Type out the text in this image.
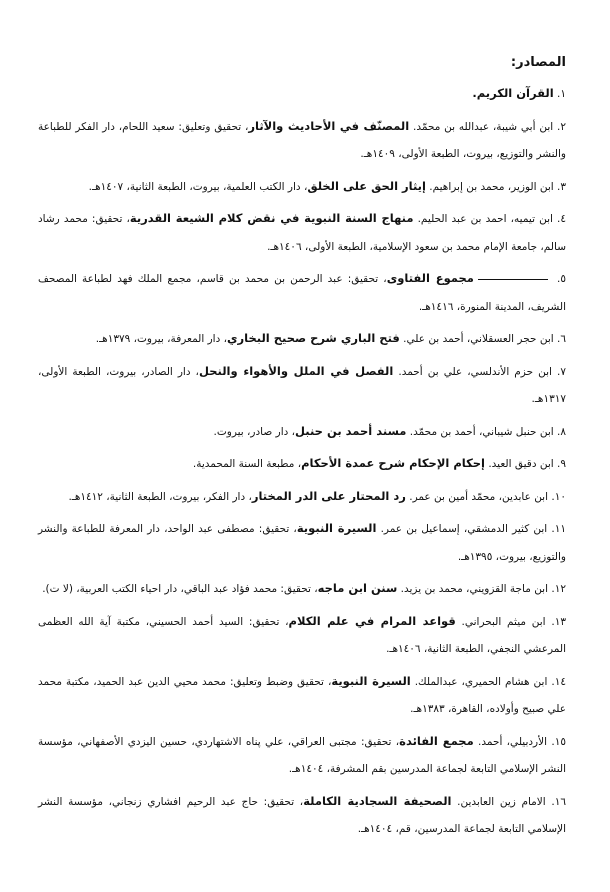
المصادر:
١. القرآن الكريم.
٢. ابن أبي شيبة، عبدالله بن محمّد. المصنّف في الأحاديث والآثار، تحقيق وتعليق: سعيد اللحام، دار الفكر للطباعة والنشر والتوزيع، بيروت، الطبعة الأولى، ١٤٠٩هـ.
٣. ابن الوزير، محمد بن إبراهيم. إيثار الحق على الخلق، دار الكتب العلمية، بيروت، الطبعة الثانية، ١٤٠٧هـ.
٤. ابن تيميه، احمد بن عبد الحليم. منهاج السنة النبوية في نقض كلام الشيعة القدرية، تحقيق: محمد رشاد سالم، جامعة الإمام محمد بن سعود الإسلامية، الطبعة الأولى، ١٤٠٦هـ.
٥. مجموع الفتاوى، تحقيق: عبد الرحمن بن محمد بن قاسم، مجمع الملك فهد لطباعة المصحف الشريف، المدينة المنورة، ١٤١٦هـ.
٦. ابن حجر العسقلاني، أحمد بن علي. فتح الباري شرح صحيح البخاري، دار المعرفة، بيروت، ١٣٧٩هـ.
٧. ابن حزم الأندلسي، علي بن أحمد. الفصل في الملل والأهواء والنحل، دار الصادر، بيروت، الطبعة الأولى، ١٣١٧هـ.
٨. ابن حنبل شيباني، أحمد بن محمّد. مسند أحمد بن حنبل، دار صادر، بيروت.
٩. ابن دقيق العيد. إحكام الإحكام شرح عمدة الأحكام، مطبعة السنة المحمدية.
١٠. ابن عابدين، محمّد أمين بن عمر. رد المحتار على الدر المختار، دار الفكر، بيروت، الطبعة الثانية، ١٤١٢هـ.
١١. ابن كثير الدمشقي، إسماعيل بن عمر. السيرة النبوية، تحقيق: مصطفى عبد الواحد، دار المعرفة للطباعة والنشر والتوزيع، بيروت، ١٣٩٥هـ.
١٢. ابن ماجة القزويني، محمد بن يزيد. سنن ابن ماجه، تحقيق: محمد فؤاد عبد الباقي، دار احياء الكتب العربية، (لا ت).
١٣. ابن ميثم البحراني. قواعد المرام في علم الكلام، تحقيق: السيد أحمد الحسيني، مكتبة آية الله العظمى المرعشي النجفي، الطبعة الثانية، ١٤٠٦هـ.
١٤. ابن هشام الحميري، عبدالملك. السيرة النبوية، تحقيق وضبط وتعليق: محمد محيي الدين عبد الحميد، مكتبة محمد علي صبيح وأولاده، القاهرة، ١٣٨٣هـ.
١٥. الأردبيلي، أحمد. مجمع الفائدة، تحقيق: مجتبى العراقي، علي پناه الاشتهاردي، حسين اليزدي الأصفهاني، مؤسسة النشر الإسلامي التابعة لجماعة المدرسين بقم المشرفة، ١٤٠٤هـ.
١٦. الامام زين العابدين. الصحيفة السجادية الكاملة، تحقيق: حاج عبد الرحيم افشاري زنجاني، مؤسسة النشر الإسلامي التابعة لجماعة المدرسين، قم، ١٤٠٤هـ.
